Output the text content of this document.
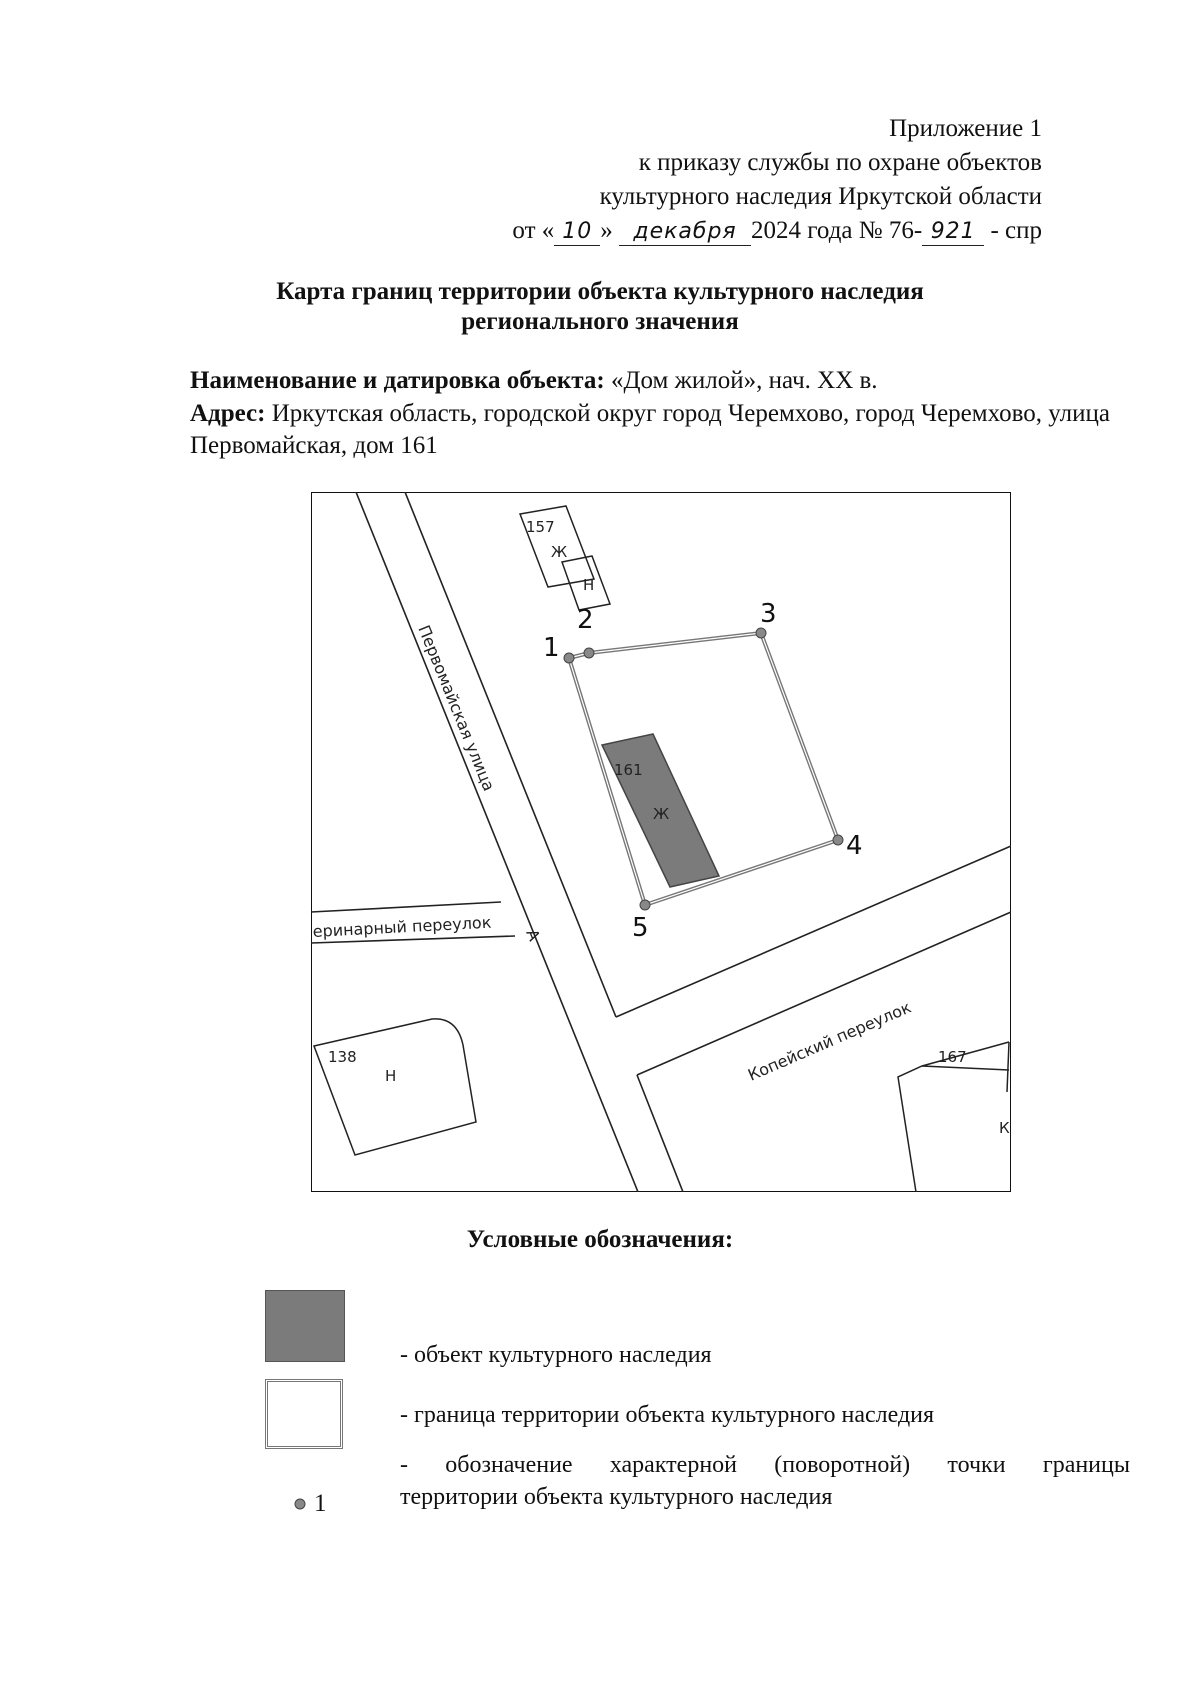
Приложение 1
к приказу службы по охране объектов
культурного наследия Иркутской области
от « 10 » декабря 2024 года № 76- 921 - спр
Карта границ территории объекта культурного наследия
регионального значения
Наименование и датировка объекта: «Дом жилой», нач. XX в.
Адрес: Иркутская область, городской округ город Черемхово, город Черемхово, улица Первомайская, дом 161
1
2	3
4
5
157
Ж
Н
161
Ж
138
Н
167
К
Первомайская улица
еринарный переулок
Копейский переулок
А
Условные обозначения:
- объект культурного наследия
- граница территории объекта культурного наследия
1
- обозначение характерной (поворотной) точки границы
территории объекта культурного наследия
